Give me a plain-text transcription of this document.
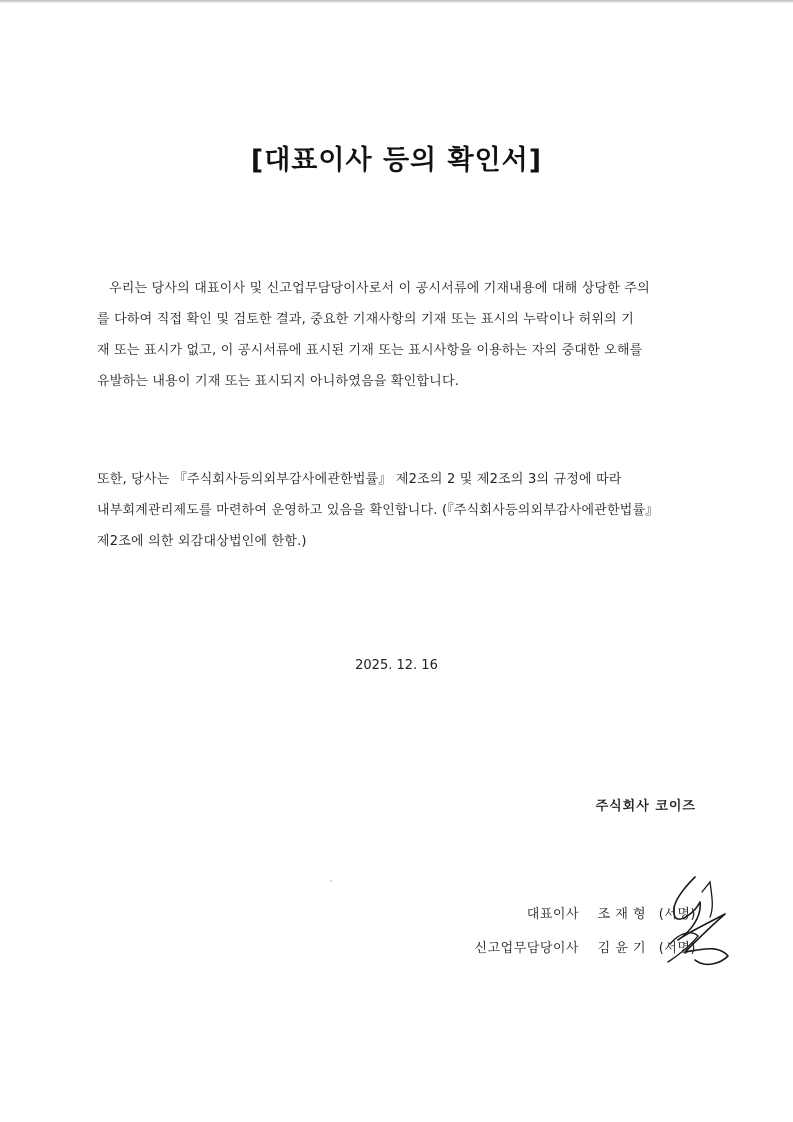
[대표이사 등의 확인서]
우리는 당사의 대표이사 및 신고업무담당이사로서 이 공시서류에 기재내용에 대해 상당한 주의
를 다하여 직접 확인 및 검토한 결과, 중요한 기재사항의 기재 또는 표시의 누락이나 허위의 기
재 또는 표시가 없고, 이 공시서류에 표시된 기재 또는 표시사항을 이용하는 자의 중대한 오해를
유발하는 내용이 기재 또는 표시되지 아니하였음을 확인합니다.
또한, 당사는 『주식회사등의외부감사에관한법률』 제2조의 2 및 제2조의 3의 규정에 따라
내부회계관리제도를 마련하여 운영하고 있음을 확인합니다. (『주식회사등의외부감사에관한법률』
제2조에 의한 외감대상법인에 한함.)
2025. 12. 16
주식회사 코이즈
대표이사 조 재 형 (서명)
신고업무담당이사 김 윤 기 (서명)
